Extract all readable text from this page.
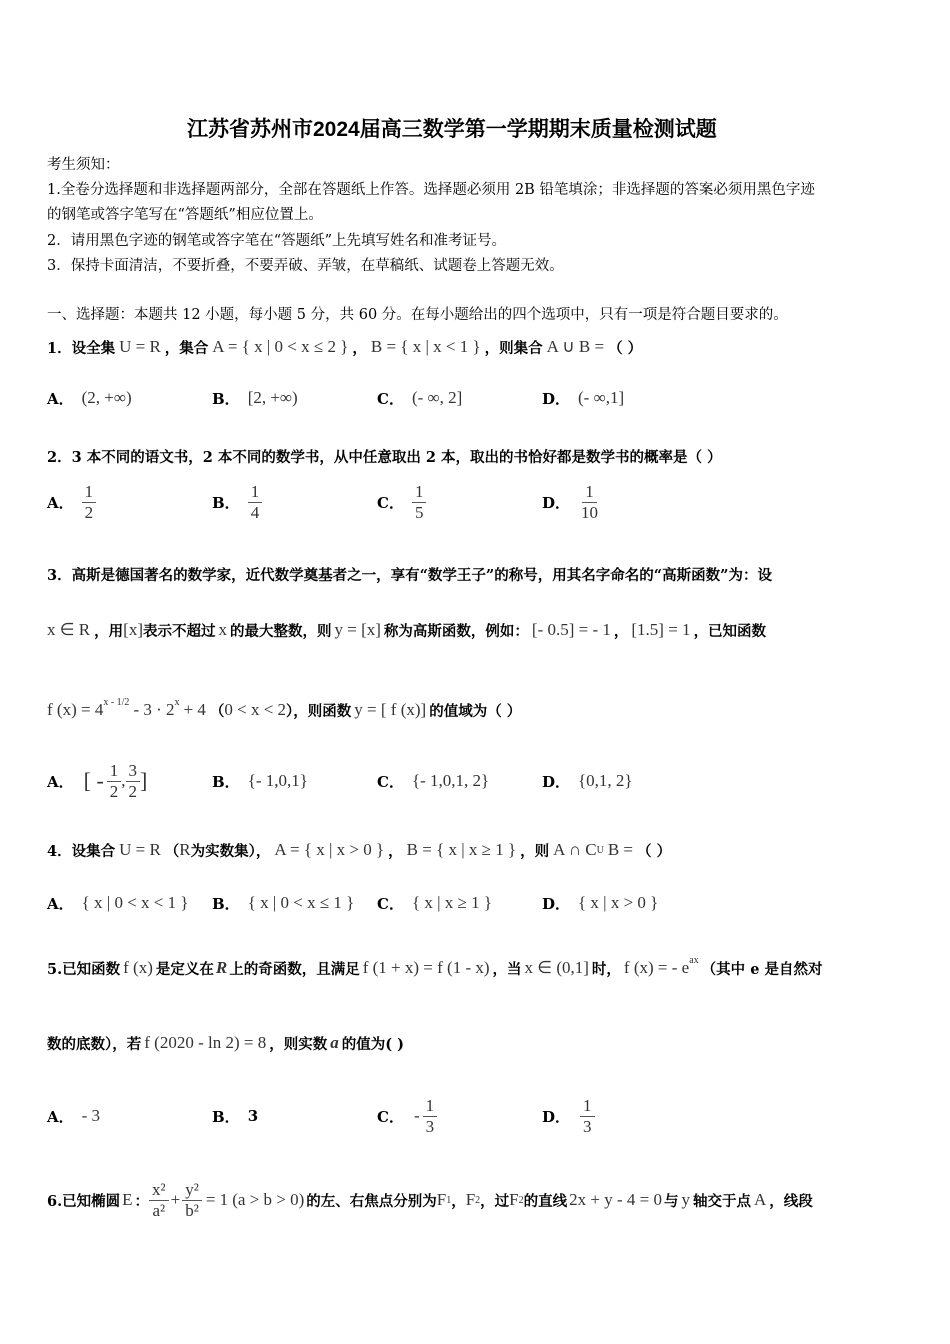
江苏省苏州市2024届高三数学第一学期期末质量检测试题
考生须知：
1.全卷分选择题和非选择题两部分，全部在答题纸上作答。选择题必须用 2B 铅笔填涂；非选择题的答案必须用黑色字迹
的钢笔或答字笔写在“答题纸”相应位置上。
2．请用黑色字迹的钢笔或答字笔在“答题纸”上先填写姓名和准考证号。
3．保持卡面清洁，不要折叠，不要弄破、弄皱，在草稿纸、试题卷上答题无效。
一、选择题：本题共 12 小题，每小题 5 分，共 60 分。在每小题给出的四个选项中，只有一项是符合题目要求的。
1．设全集 U = R ，集合 A = { x | 0 < x ≤ 2 } ， B = { x | x < 1 } ，则集合 A ∪ B = （ ）
A． (2, +∞)	B． [2, +∞)	C． (- ∞, 2]	D． (- ∞,1]
2．3 本不同的语文书，2 本不同的数学书，从中任意取出 2 本，取出的书恰好都是数学书的概率是（ ）
A． $\frac{1}{2}$	B． $\frac{1}{4}$	C． $\frac{1}{5}$	D． $\frac{1}{10}$
3．高斯是德国著名的数学家，近代数学奠基者之一，享有“数学王子”的称号，用其名字命名的“高斯函数”为：设
x ∈ R ，用 [x] 表示不超过 x 的最大整数，则 y = [x] 称为高斯函数，例如： [- 0.5] = - 1 ， [1.5] = 1 ，已知函数
f $(x) = 4^{x - 1/2} - 3 \cdot 2^x + 4$ （ 0 < x < 2 ），则函数 y = [ f (x)] 的值域为（ ）
A． [ - $\frac{1}{2}$ , $\frac{3}{2}$ ]	B． {- 1,0,1}	C． {- 1,0,1, 2}	D． {0,1, 2}
4．设集合 U = R （ R 为实数集）， A = { x | x > 0 } ， B = { x | x ≥ 1 } ，则 A ∩ C U B = （ ）
A． { x | 0 < x < 1 } B． { x | 0 < x ≤ 1 } C． { x | x ≥ 1 }	D． { x | x > 0 }
5.已知函数 f (x) 是定义在 R 上的奇函数，且满足 f (1 + x) = f (1 - x) ，当 x ∈ (0,1] 时， f (x) = - $e^{ax}$
（其中 e 是自然对
数的底数），若 f (2020 - ln 2) = 8 ，则实数 a 的值为( )
A． - 3	B． 3	C． - $\frac{1}{3}$	D． $\frac{1}{3}$
6.已知椭圆 E ： $\frac{\text{x²}}{\text{a²}} + \frac{\text{y²}}{\text{b²}} = 1$ (a > b > 0) 的左、右焦点分别为 F 1 ， F 2 ，过 F 2 的直线 2x + y - 4 = 0 与 y 轴交于点 A ，线段
